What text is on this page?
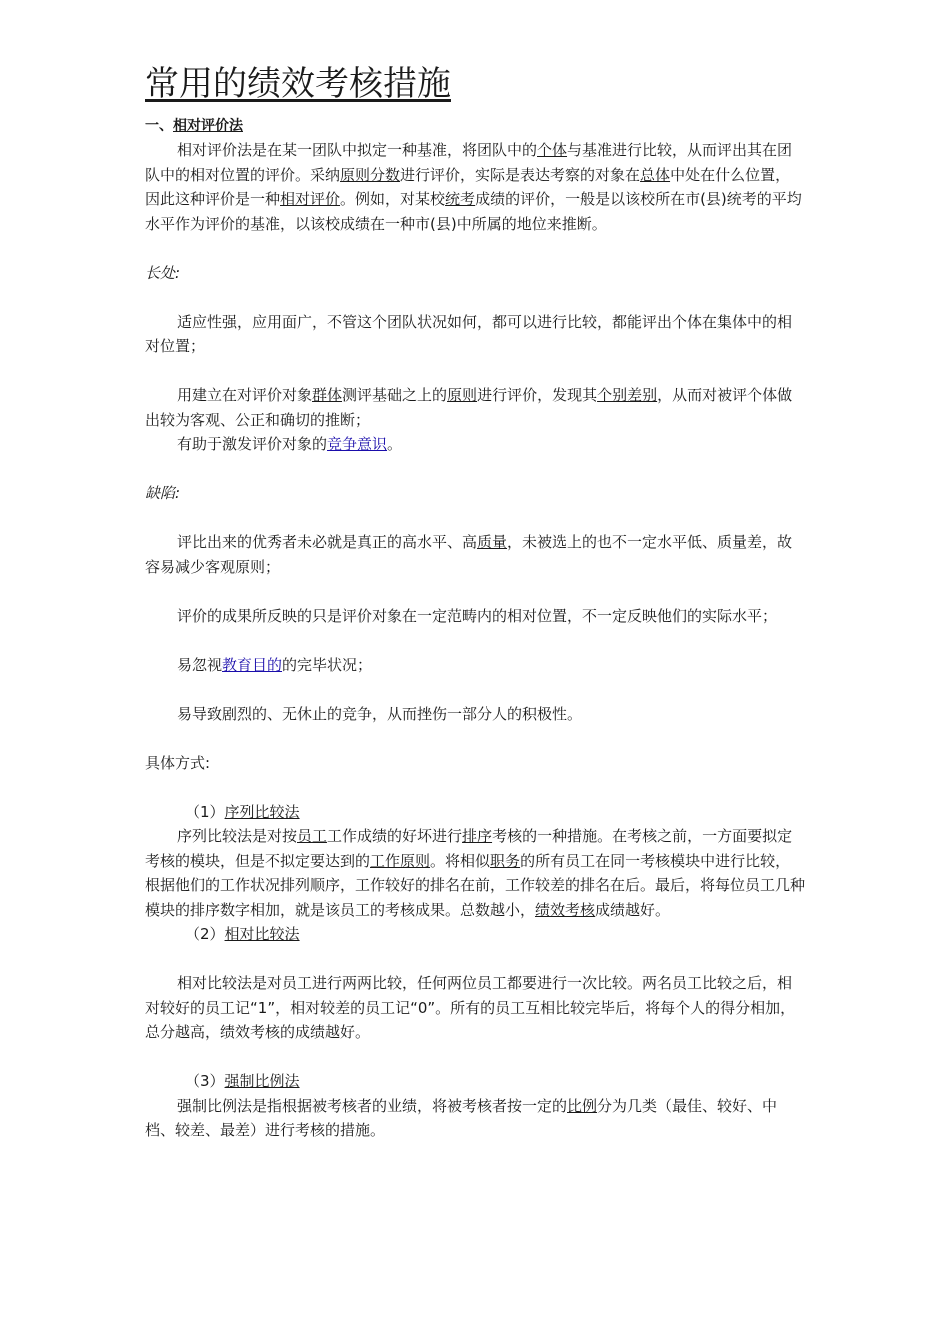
常用的绩效考核措施

一、相对评价法

相对评价法是在某一团队中拟定一种基准，将团队中的个体与基准进行比较，从而评出其在团队中的相对位置的评价。采纳原则分数进行评价，实际是表达考察的对象在总体中处在什么位置，因此这种评价是一种相对评价。例如，对某校统考成绩的评价，一般是以该校所在市(县)统考的平均水平作为评价的基准，以该校成绩在一种市(县)中所属的地位来推断。

长处:

适应性强，应用面广，不管这个团队状况如何，都可以进行比较，都能评出个体在集体中的相对位置；

用建立在对评价对象群体测评基础之上的原则进行评价，发现其个别差别，从而对被评个体做出较为客观、公正和确切的推断；

有助于激发评价对象的竞争意识。

缺陷:

评比出来的优秀者未必就是真正的高水平、高质量，未被选上的也不一定水平低、质量差，故容易减少客观原则；

评价的成果所反映的只是评价对象在一定范畴内的相对位置，不一定反映他们的实际水平；

易忽视教育目的的完毕状况；

易导致剧烈的、无休止的竞争，从而挫伤一部分人的积极性。

具体方式:

（1）序列比较法

序列比较法是对按员工工作成绩的好坏进行排序考核的一种措施。在考核之前，一方面要拟定考核的模块，但是不拟定要达到的工作原则。将相似职务的所有员工在同一考核模块中进行比较，根据他们的工作状况排列顺序，工作较好的排名在前，工作较差的排名在后。最后，将每位员工几种模块的排序数字相加，就是该员工的考核成果。总数越小，绩效考核成绩越好。

（2）相对比较法

相对比较法是对员工进行两两比较，任何两位员工都要进行一次比较。两名员工比较之后，相对较好的员工记“1”，相对较差的员工记“0”。所有的员工互相比较完毕后，将每个人的得分相加，总分越高，绩效考核的成绩越好。

（3）强制比例法

强制比例法是指根据被考核者的业绩，将被考核者按一定的比例分为几类（最佳、较好、中档、较差、最差）进行考核的措施。
